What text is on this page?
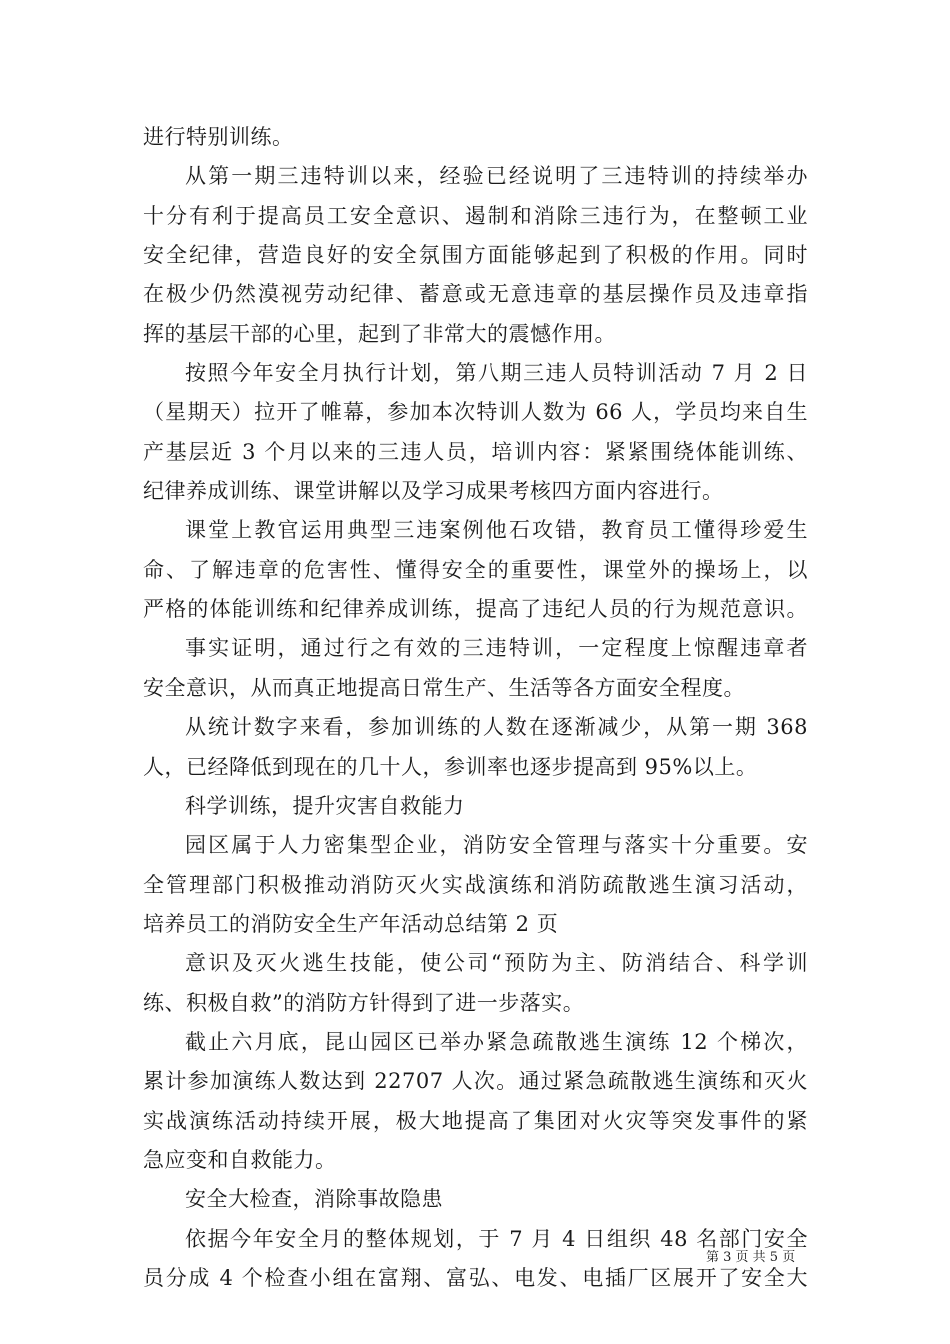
进行特别训练。
从第一期三违特训以来，经验已经说明了三违特训的持续举办
十分有利于提高员工安全意识、遏制和消除三违行为，在整顿工业
安全纪律，营造良好的安全氛围方面能够起到了积极的作用。同时
在极少仍然漠视劳动纪律、蓄意或无意违章的基层操作员及违章指
挥的基层干部的心里，起到了非常大的震憾作用。
按照今年安全月执行计划，第八期三违人员特训活动 7 月 2 日
（星期天）拉开了帷幕，参加本次特训人数为 66 人，学员均来自生
产基层近 3 个月以来的三违人员，培训内容：紧紧围绕体能训练、
纪律养成训练、课堂讲解以及学习成果考核四方面内容进行。
课堂上教官运用典型三违案例他石攻错，教育员工懂得珍爱生
命、了解违章的危害性、懂得安全的重要性，课堂外的操场上，以
严格的体能训练和纪律养成训练，提高了违纪人员的行为规范意识。
事实证明，通过行之有效的三违特训，一定程度上惊醒违章者
安全意识，从而真正地提高日常生产、生活等各方面安全程度。
从统计数字来看，参加训练的人数在逐渐减少，从第一期 368
人，已经降低到现在的几十人，参训率也逐步提高到 95%以上。
科学训练，提升灾害自救能力
园区属于人力密集型企业，消防安全管理与落实十分重要。安
全管理部门积极推动消防灭火实战演练和消防疏散逃生演习活动，
培养员工的消防安全生产年活动总结第 2 页
意识及灭火逃生技能，使公司“预防为主、防消结合、科学训
练、积极自救”的消防方针得到了进一步落实。
截止六月底，昆山园区已举办紧急疏散逃生演练 12 个梯次，
累计参加演练人数达到 22707 人次。通过紧急疏散逃生演练和灭火
实战演练活动持续开展，极大地提高了集团对火灾等突发事件的紧
急应变和自救能力。
安全大检查，消除事故隐患
依据今年安全月的整体规划，于 7 月 4 日组织 48 名部门安全
员分成 4 个检查小组在富翔、富弘、电发、电插厂区展开了安全大
第 3 页 共 5 页
